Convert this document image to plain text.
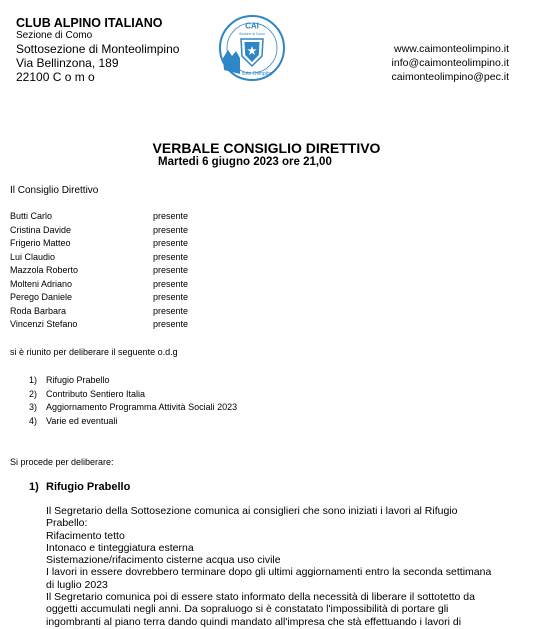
CLUB ALPINO ITALIANO
Sezione di Como
Sottosezione di Monteolimpino
Via Bellinzona, 189
22100 C o m o
CAI
Sezione di Como
onte Olimpino
www.caimonteolimpino.it
info@caimonteolimpino.it
caimonteolimpino@pec.it
VERBALE CONSIGLIO DIRETTIVO
Martedi 6 giugno 2023 ore 21,00
Il Consiglio Direttivo
Butti Carlo	presente
Cristina Davide	presente
Frigerio Matteo	presente
Lui Claudio	presente
Mazzola Roberto	presente
Molteni Adriano	presente
Perego Daniele	presente
Roda Barbara	presente
Vincenzi Stefano	presente
si è riunito per deliberare il seguente o.d.g
1) Rifugio Prabello
2) Contributo Sentiero Italia
3) Aggiornamento Programma Attività Sociali 2023
4) Varie ed eventuali
Si procede per deliberare:
1) Rifugio Prabello
Il Segretario della Sottosezione comunica ai consiglieri che sono iniziati i lavori al Rifugio
Prabello:
Rifacimento tetto
Intonaco e tinteggiatura esterna
Sistemazione/rifacimento cisterne acqua uso civile
I lavori in essere dovrebbero terminare dopo gli ultimi aggiornamenti entro la seconda settimana
di luglio 2023
Il Segretario comunica poi di essere stato informato della necessità di liberare il sottotetto da
oggetti accumulati negli anni. Da sopraluogo si è constatato l'impossibilità di portare gli
ingombranti al piano terra dando quindi mandato all'impresa che stà effettuando i lavori di
